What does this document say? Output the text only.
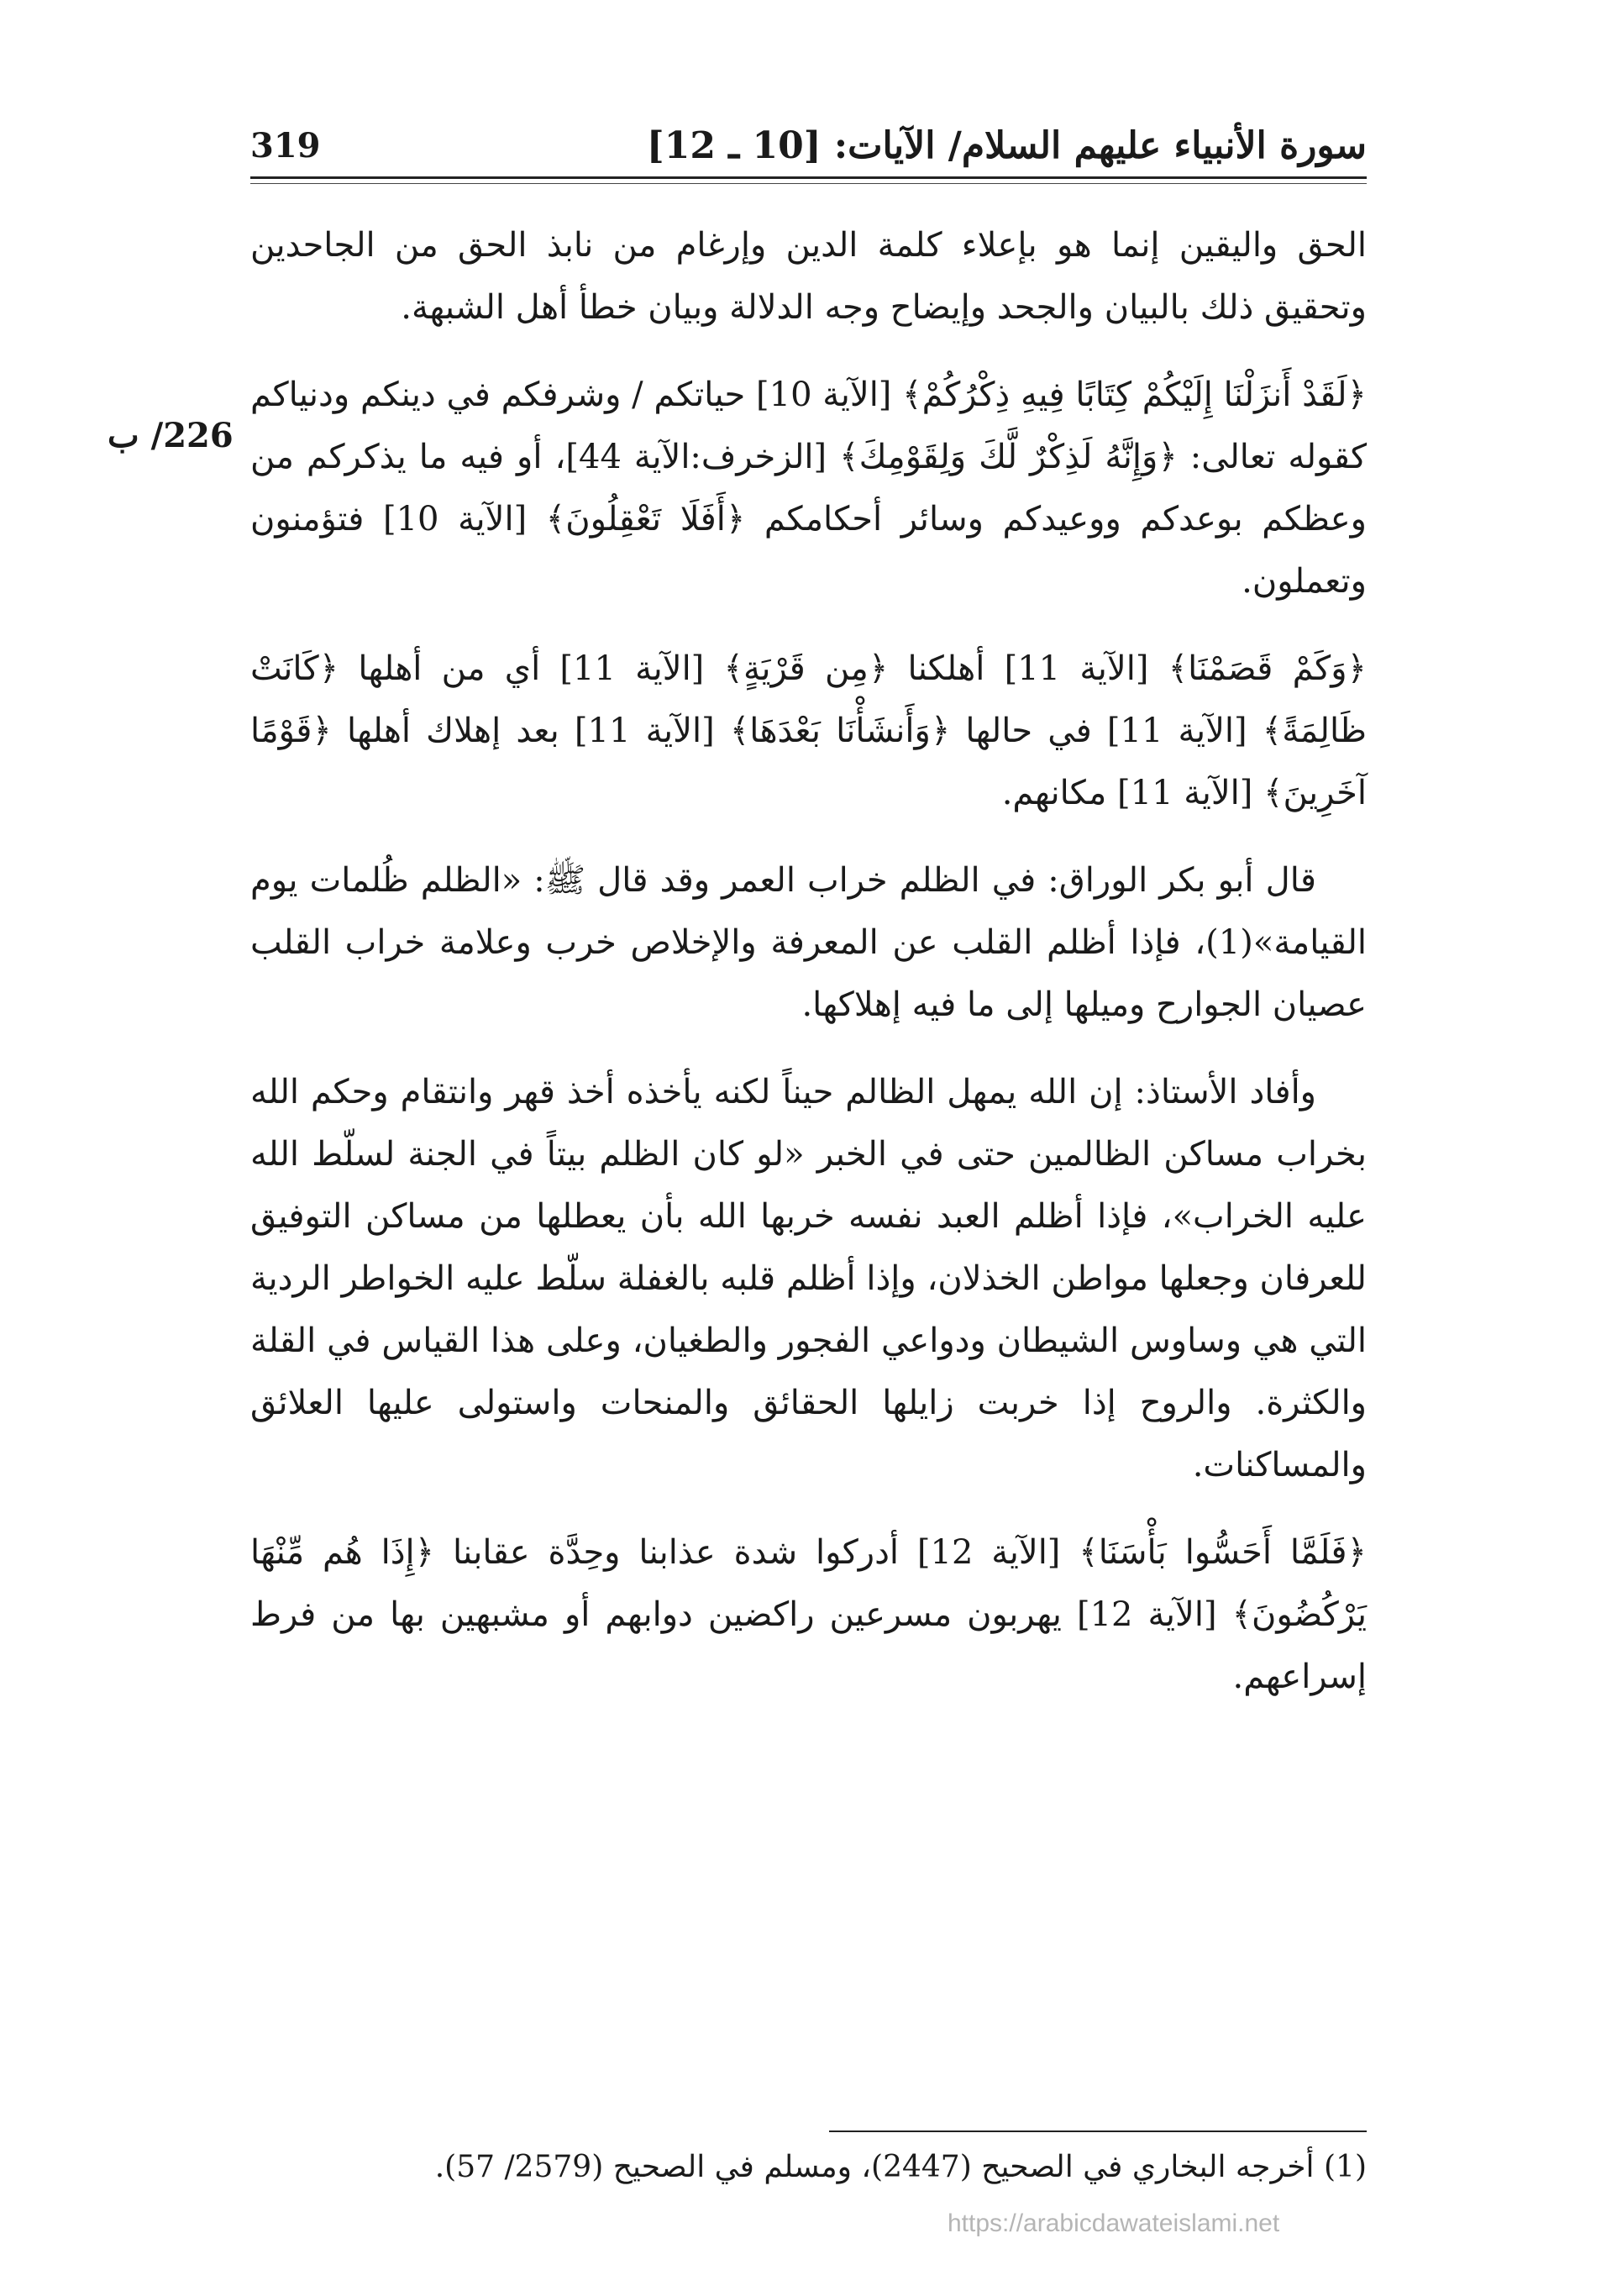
سورة الأنبياء عليهم السلام/ الآيات: [10 ـ 12]
319
226/ ب

الحق واليقين إنما هو بإعلاء كلمة الدين وإرغام من نابذ الحق من الجاحدين وتحقيق ذلك بالبيان والجحد وإيضاح وجه الدلالة وبيان خطأ أهل الشبهة.

﴿لَقَدْ أَنزَلْنَا إِلَيْكُمْ كِتَابًا فِيهِ ذِكْرُكُمْ﴾ [الآية 10] حياتكم / وشرفكم في دينكم ودنياكم كقوله تعالى: ﴿وَإِنَّهُ لَذِكْرٌ لَّكَ وَلِقَوْمِكَ﴾ [الزخرف:الآية 44]، أو فيه ما يذكركم من وعظكم بوعدكم ووعيدكم وسائر أحكامكم ﴿أَفَلَا تَعْقِلُونَ﴾ [الآية 10] فتؤمنون وتعملون.

﴿وَكَمْ قَصَمْنَا﴾ [الآية 11] أهلكنا ﴿مِن قَرْيَةٍ﴾ [الآية 11] أي من أهلها ﴿كَانَتْ ظَالِمَةً﴾ [الآية 11] في حالها ﴿وَأَنشَأْنَا بَعْدَهَا﴾ [الآية 11] بعد إهلاك أهلها ﴿قَوْمًا آخَرِينَ﴾ [الآية 11] مكانهم.

قال أبو بكر الوراق: في الظلم خراب العمر وقد قال ﷺ: «الظلم ظُلمات يوم القيامة»(1)، فإذا أظلم القلب عن المعرفة والإخلاص خرب وعلامة خراب القلب عصيان الجوارح وميلها إلى ما فيه إهلاكها.

وأفاد الأستاذ: إن الله يمهل الظالم حيناً لكنه يأخذه أخذ قهر وانتقام وحكم الله بخراب مساكن الظالمين حتى في الخبر «لو كان الظلم بيتاً في الجنة لسلّط الله عليه الخراب»، فإذا أظلم العبد نفسه خربها الله بأن يعطلها من مساكن التوفيق للعرفان وجعلها مواطن الخذلان، وإذا أظلم قلبه بالغفلة سلّط عليه الخواطر الردية التي هي وساوس الشيطان ودواعي الفجور والطغيان، وعلى هذا القياس في القلة والكثرة. والروح إذا خربت زايلها الحقائق والمنحات واستولى عليها العلائق والمساكنات.

﴿فَلَمَّا أَحَسُّوا بَأْسَنَا﴾ [الآية 12] أدركوا شدة عذابنا وحِدَّة عقابنا ﴿إِذَا هُم مِّنْهَا يَرْكُضُونَ﴾ [الآية 12] يهربون مسرعين راكضين دوابهم أو مشبهين بها من فرط إسراعهم.

(1) أخرجه البخاري في الصحيح (2447)، ومسلم في الصحيح (2579/ 57).
https://arabicdawateislami.net
